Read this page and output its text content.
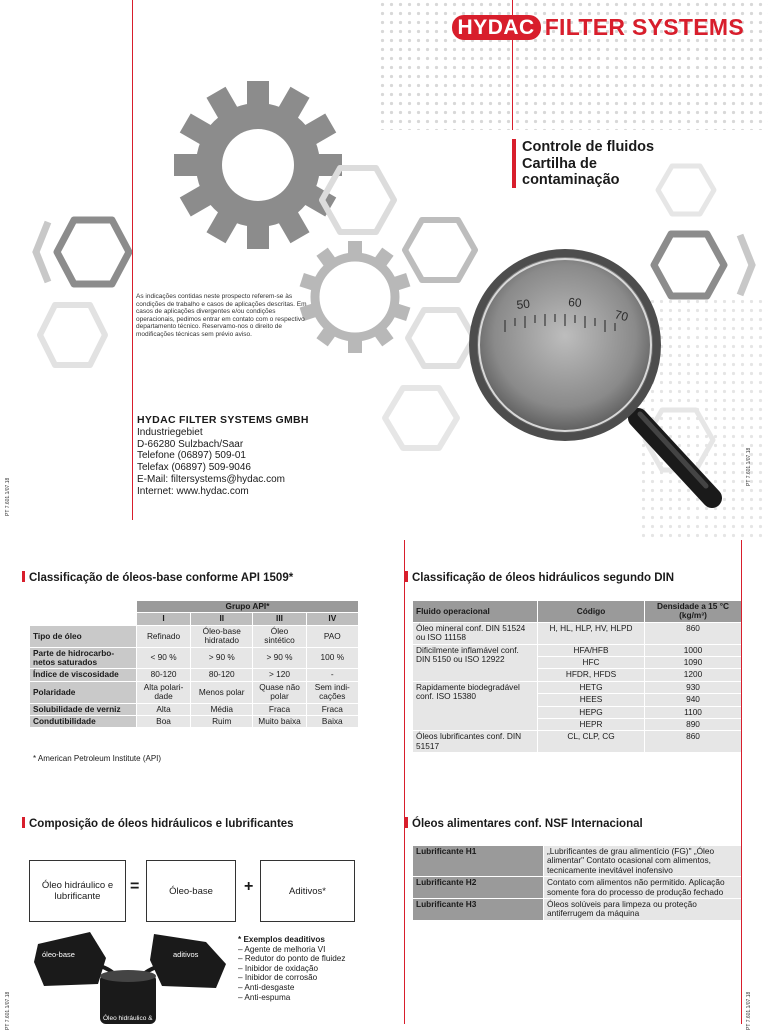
50	60
70
HYDAC FILTER SYSTEMS
Controle de fluidos
Cartilha de
contaminação
As indicações contidas neste prospecto referem-se às condições de trabalho e casos de aplicações descritas. Em casos de aplicações divergentes e/ou condições operacionais, pedimos entrar em contato com o respectivo departamento técnico. Reservamo-nos o direito de modificações técnicas sem prévio aviso.
HYDAC FILTER SYSTEMS GMBH
Industriegebiet
D-66280 Sulzbach/Saar
Telefone (06897) 509-01
Telefax (06897) 509-9046
E-Mail: filtersystems@hydac.com
Internet: www.hydac.com
PT 7.601.1/07.18
PT 7.601.1/07.18
PT 7.601.1/07.18	PT 7.601.1/07.18
Classificação de óleos-base conforme API 1509*
	Grupo API*			
	I	II	III	IV
Tipo de óleo	Refinado	Óleo-base hidratado	Óleo sintético	PAO
Parte de hidrocarbo- netos saturados	< 90 %	> 90 %	> 90 %	100 %
Índice de viscosidade	80-120	80-120	> 120	-
Polaridade	Alta polari- dade	Menos polar	Quase não polar	Sem indi- cações
Solubilidade de verniz	Alta	Média	Fraca	Fraca
Condutibilidade	Boa	Ruim	Muito baixa	Baixa
* American Petroleum Institute (API)
Classificação de óleos hidráulicos segundo DIN
Fluido operacional	Código	Densidade a 15 °C (kg/m³)
Óleo mineral conf. DIN 51524 ou ISO 11158	H, HL, HLP, HV, HLPD	860
Dificilmente inflamável conf. DIN 5150 ou ISO 12922	HFA/HFB	1000
	HFC	1090
	HFDR, HFDS	1200
Rapidamente biodegradável conf. ISO 15380	HETG	930
	HEES	940
	HEPG	1100
	HEPR	890
Óleos lubrificantes conf. DIN 51517	CL, CLP, CG	860
Composição de óleos hidráulicos e lubrificantes
Óleo hidráulico e lubrificante
=	Óleo-base	+	Aditivos*
óleo-base	aditivos
Óleo hidráulico &
* Exemplos deaditivos
– Agente de melhoria VI
– Redutor do ponto de fluidez
– Inibidor de oxidação
– Inibidor de corrosão
– Anti-desgaste
– Anti-espuma
Óleos alimentares conf. NSF Internacional
Lubrificante H1	„Lubrificantes de grau alimentício (FG)" „Óleo alimentar" Contato ocasional com alimentos, tecnicamente inevitável inofensivo
Lubrificante H2	Contato com alimentos não permitido. Aplicação somente fora do processo de produção fechado
Lubrificante H3	Óleos solúveis para limpeza ou proteção antiferrugem da máquina
